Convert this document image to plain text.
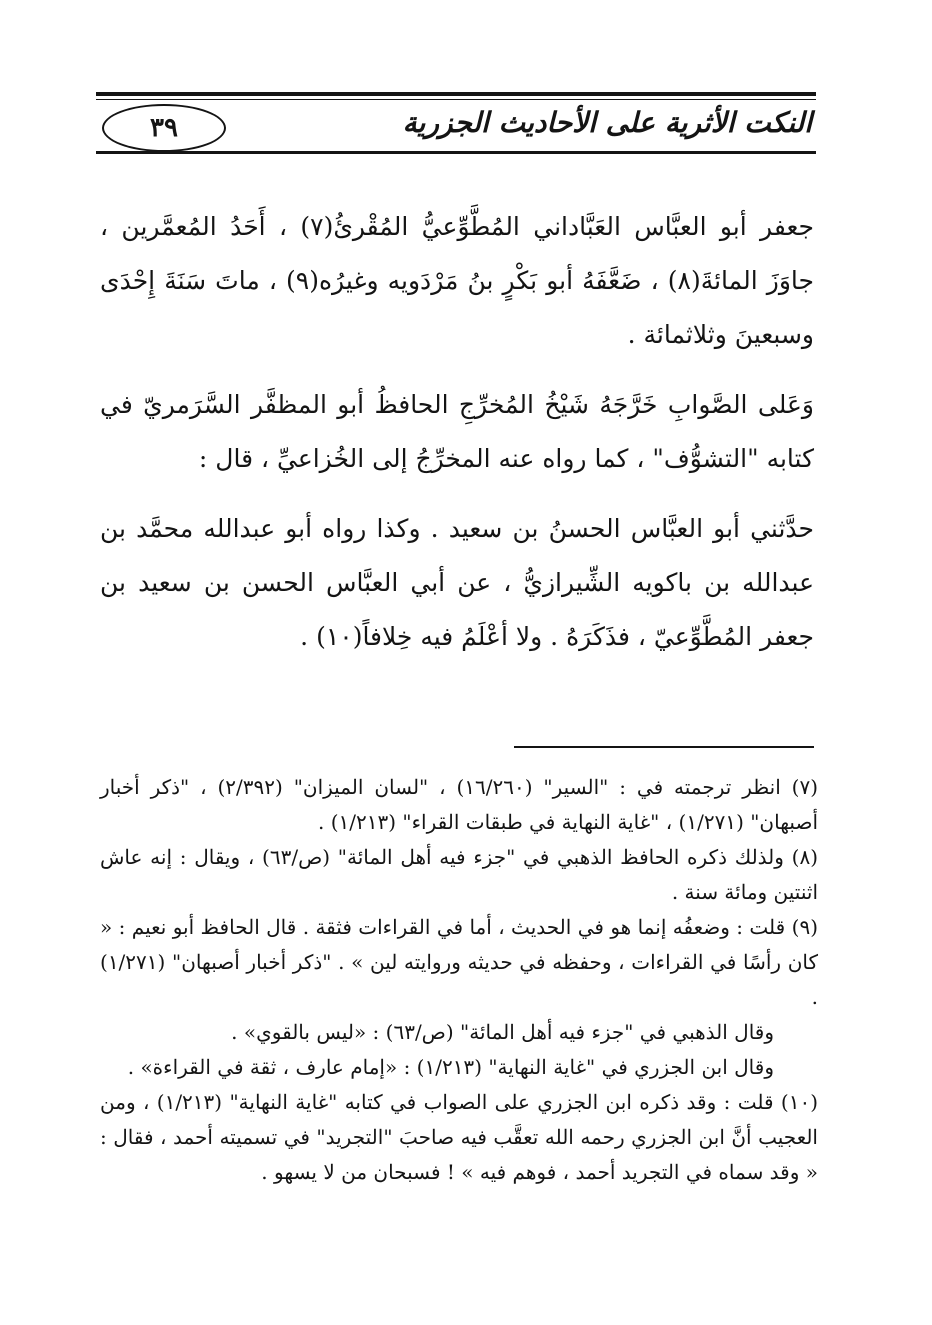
النكت الأثرية على الأحاديث الجزرية
٣٩

جعفر أبو العبَّاس العَبَّاداني المُطَّوِّعيُّ المُقْرئُ(٧) ، أَحَدُ المُعمَّرين ، جاوَزَ المائةَ(٨) ، ضَعَّفَهُ أبو بَكْرٍ بنُ مَرْدَويه وغيرُه(٩) ، ماتَ سَنَةَ إِحْدَى وسبعينَ وثلاثمائة .

وَعَلى الصَّوابِ خَرَّجَهُ شَيْخُ المُخرِّجِ الحافظُ أبو المظفَّر السَّرَمريّ في كتابه "التشوُّف" ، كما رواه عنه المخرِّجُ إلى الخُزاعيِّ ، قال :

حدَّثني أبو العبَّاس الحسنُ بن سعيد . وكذا رواه أبو عبدالله محمَّد بن عبدالله بن باكويه الشِّيرازيُّ ، عن أبي العبَّاس الحسن بن سعيد بن جعفر المُطَّوِّعيّ ، فذَكَرَهُ . ولا أعْلَمُ فيه خِلافاً(١٠) .

(٧) انظر ترجمته في : "السير" (١٦/٢٦٠) ، "لسان الميزان" (٢/٣٩٢) ، "ذكر أخبار أصبهان" (١/٢٧١) ، "غاية النهاية في طبقات القراء" (١/٢١٣) .

(٨) ولذلك ذكره الحافظ الذهبي في "جزء فيه أهل المائة" (ص/٦٣) ، ويقال : إنه عاش اثنتين ومائة سنة .

(٩) قلت : وضعفُه إنما هو في الحديث ، أما في القراءات فثقة . قال الحافظ أبو نعيم : « كان رأسًا في القراءات ، وحفظه في حديثه وروايته لين » . "ذكر أخبار أصبهان" (١/٢٧١) .

وقال الذهبي في "جزء فيه أهل المائة" (ص/٦٣) : «ليس بالقوي» .

وقال ابن الجزري في "غاية النهاية" (١/٢١٣) : «إمام عارف ، ثقة في القراءة» .

(١٠) قلت : وقد ذكره ابن الجزري على الصواب في كتابه "غاية النهاية" (١/٢١٣) ، ومن العجيب أنَّ ابن الجزري رحمه الله تعقَّب فيه صاحبَ "التجريد" في تسميته أحمد ، فقال : « وقد سماه في التجريد أحمد ، فوهم فيه » ! فسبحان من لا يسهو .
